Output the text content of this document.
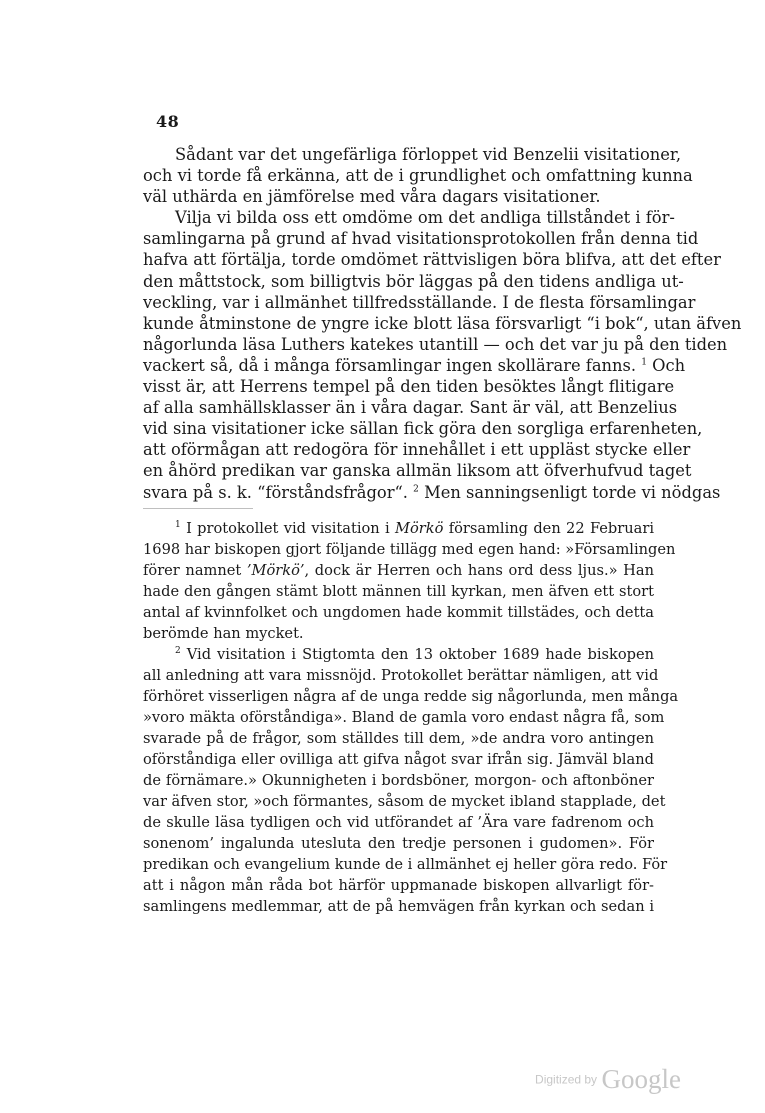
48
Sådant var det ungefärliga förloppet vid Benzelii visitationer,
och vi torde få erkänna, att de i grundlighet och omfattning kunna
väl uthärda en jämförelse med våra dagars visitationer.
Vilja vi bilda oss ett omdöme om det andliga tillståndet i för-
samlingarna på grund af hvad visitationsprotokollen från denna tid
hafva att förtälja, torde omdömet rättvisligen böra blifva, att det efter
den måttstock, som billigtvis bör läggas på den tidens andliga ut-
veckling, var i allmänhet tillfredsställande. I de flesta församlingar
kunde åtminstone de yngre icke blott läsa försvarligt “i bok“, utan äfven
någorlunda läsa Luthers katekes utantill — och det var ju på den tiden
vackert så, då i många församlingar ingen skollärare fanns. $^1$ Och
visst är, att Herrens tempel på den tiden besöktes långt flitigare
af alla samhällsklasser än i våra dagar. Sant är väl, att Benzelius
vid sina visitationer icke sällan fick göra den sorgliga erfarenheten,
att oförmågan att redogöra för innehållet i ett uppläst stycke eller
en åhörd predikan var ganska allmän liksom att öfverhufvud taget
svara på s. k. “förståndsfrågor“. $^2$ Men sanningsenligt torde vi nödgas
$^1$ I protokollet vid visitation i Mörkö församling den 22 Februari
1698 har biskopen gjort följande tillägg med egen hand: »Församlingen
förer namnet ’Mörkö’, dock är Herren och hans ord dess ljus.» Han
hade den gången stämt blott männen till kyrkan, men äfven ett stort
antal af kvinnfolket och ungdomen hade kommit tillstädes, och detta
berömde han mycket.
$^2$ Vid visitation i Stigtomta den 13 oktober 1689 hade biskopen
all anledning att vara missnöjd. Protokollet berättar nämligen, att vid
förhöret visserligen några af de unga redde sig någorlunda, men många
»voro mäkta oförståndiga». Bland de gamla voro endast några få, som
svarade på de frågor, som ställdes till dem, »de andra voro antingen
oförståndiga eller ovilliga att gifva något svar ifrån sig. Jämväl bland
de förnämare.» Okunnigheten i bordsböner, morgon- och aftonböner
var äfven stor, »och förmantes, såsom de mycket ibland stapplade, det
de skulle läsa tydligen och vid utförandet af ’Ära vare fadrenom och
sonenom’ ingalunda utesluta den tredje personen i gudomen». För
predikan och evangelium kunde de i allmänhet ej heller göra redo. För
att i någon mån råda bot härför uppmanade biskopen allvarligt för-
samlingens medlemmar, att de på hemvägen från kyrkan och sedan i
Digitized by Google
